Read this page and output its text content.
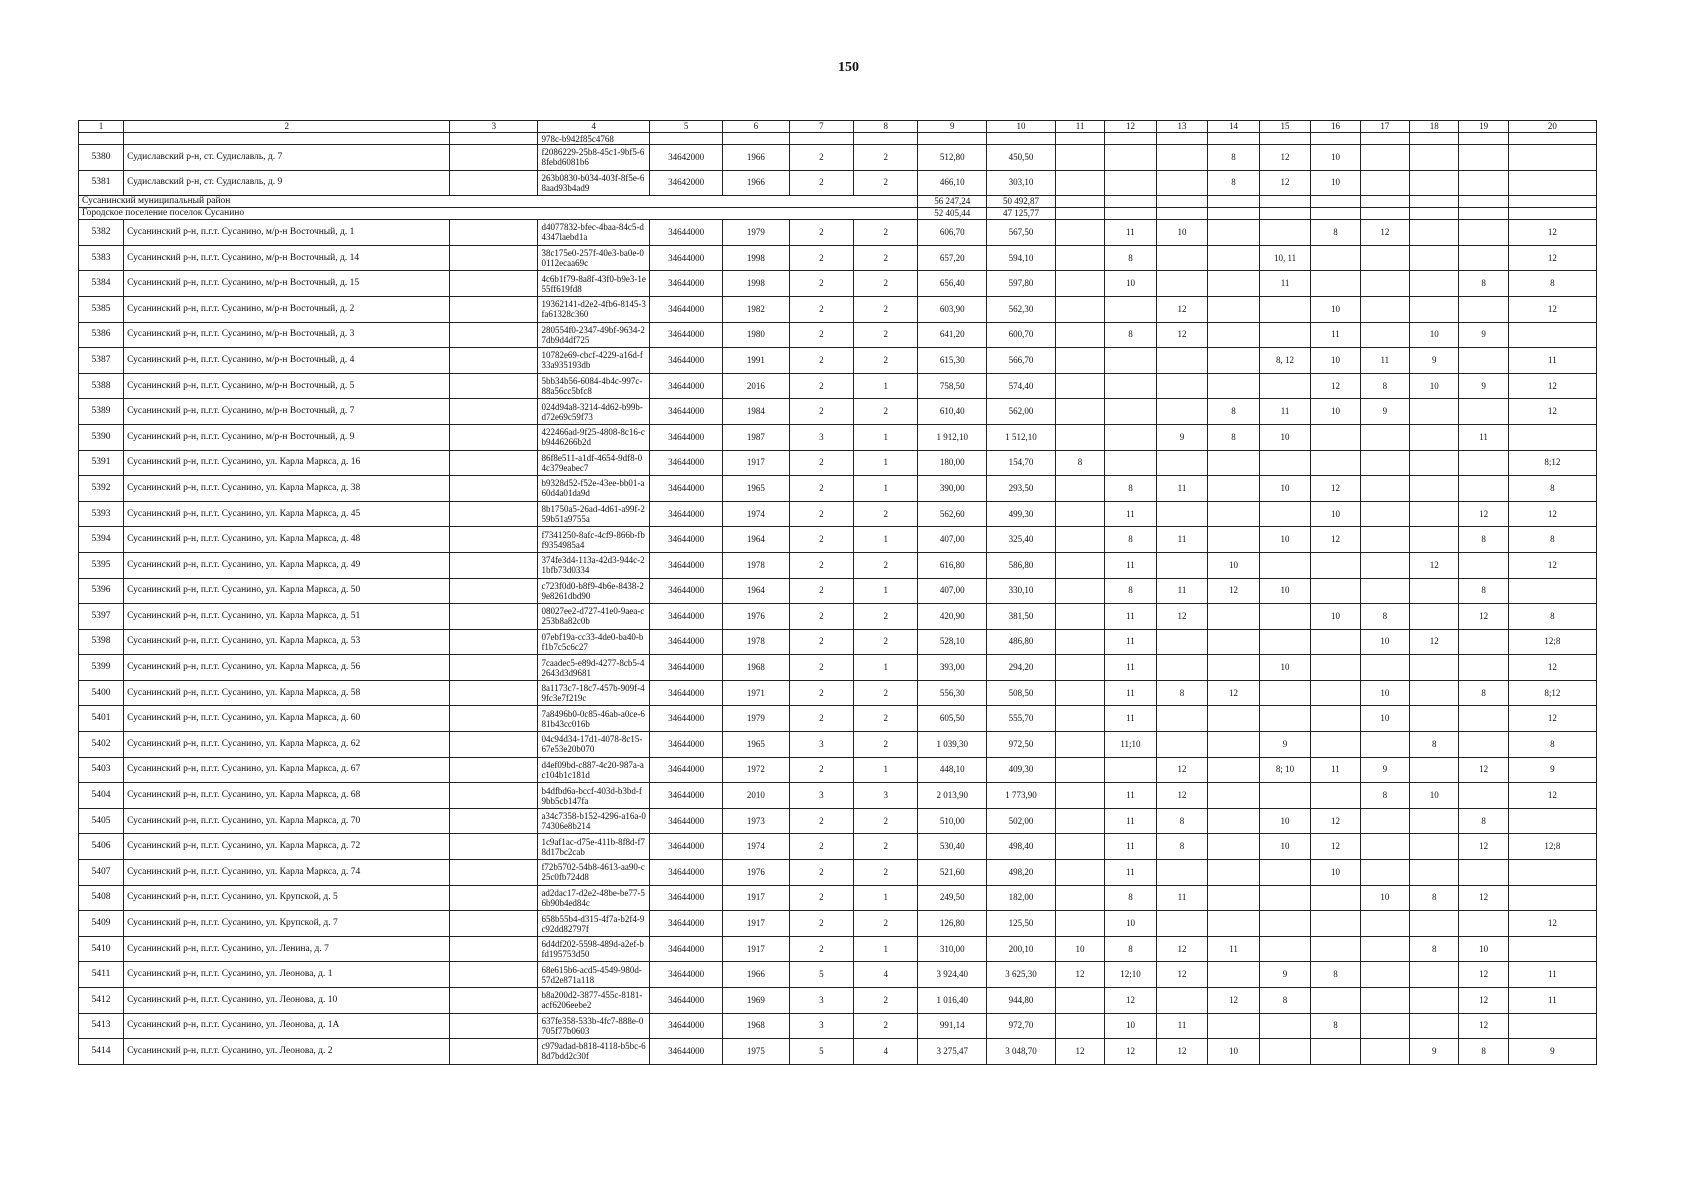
150
1	2	3	4	5	6	7	8	9	10	11	12	13	14	15	16	17	18	19	20
			978c-b942f85c4768																
5380	Судиславский р-н, ст. Судиславль, д. 7		f2086229-25b8-45c1-9bf5-68febd6081b6	34642000	1966	2	2	512,80	450,50				8	12	10				
5381	Судиславский р-н, ст. Судиславль, д. 9		263b0830-b034-403f-8f5e-68aad93b4ad9	34642000	1966	2	2	466,10	303,10				8	12	10				
Сусанинский муниципальный район								56 247,24	50 492,87										
Городское поселение поселок Сусанино								52 405,44	47 125,77										
5382	Сусанинский р-н, п.г.т. Сусанино, м/р-н Восточный, д. 1		d4077832-bfec-4baa-84c5-d4347laebd1a	34644000	1979	2	2	606,70	567,50		11	10			8	12			12
5383	Сусанинский р-н, п.г.т. Сусанино, м/р-н Восточный, д. 14		38c175e0-257f-40e3-ba0e-00112ecaa69c	34644000	1998	2	2	657,20	594,10		8			10, 11					12
5384	Сусанинский р-н, п.г.т. Сусанино, м/р-н Восточный, д. 15		4c6b1f79-8a8f-43f0-b9e3-1e55ff619fd8	34644000	1998	2	2	656,40	597,80		10			11				8	8
5385	Сусанинский р-н, п.г.т. Сусанино, м/р-н Восточный, д. 2		19362141-d2e2-4fb6-8145-3fa61328c360	34644000	1982	2	2	603,90	562,30			12			10				12
5386	Сусанинский р-н, п.г.т. Сусанино, м/р-н Восточный, д. 3		280554f0-2347-49bf-9634-27db9d4df725	34644000	1980	2	2	641,20	600,70		8	12			11		10	9	
5387	Сусанинский р-н, п.г.т. Сусанино, м/р-н Восточный, д. 4		10782e69-cbcf-4229-a16d-f33a935193db	34644000	1991	2	2	615,30	566,70					8, 12	10	11	9		11
5388	Сусанинский р-н, п.г.т. Сусанино, м/р-н Восточный, д. 5		5bb34b56-6084-4b4c-997c-88a56cc5bfc8	34644000	2016	2	1	758,50	574,40						12	8	10	9	12
5389	Сусанинский р-н, п.г.т. Сусанино, м/р-н Восточный, д. 7		024d94a8-3214-4d62-b99b-d72e69c59f73	34644000	1984	2	2	610,40	562,00				8	11	10	9			12
5390	Сусанинский р-н, п.г.т. Сусанино, м/р-н Восточный, д. 9		422466ad-9f25-4808-8c16-cb9446266b2d	34644000	1987	3	1	1 912,10	1 512,10			9	8	10				11	
5391	Сусанинский р-н, п.г.т. Сусанино, ул. Карла Маркса, д. 16		86f8e511-a1df-4654-9df8-04c379eabec7	34644000	1917	2	1	180,00	154,70	8									8;12
5392	Сусанинский р-н, п.г.т. Сусанино, ул. Карла Маркса, д. 38		b9328d52-f52e-43ee-bb01-a60d4a01da9d	34644000	1965	2	1	390,00	293,50		8	11		10	12				8
5393	Сусанинский р-н, п.г.т. Сусанино, ул. Карла Маркса, д. 45		8b1750a5-26ad-4d61-a99f-259b51a9755a	34644000	1974	2	2	562,60	499,30		11				10			12	12
5394	Сусанинский р-н, п.г.т. Сусанино, ул. Карла Маркса, д. 48		f7341250-8afc-4cf9-866b-fbf9354985a4	34644000	1964	2	1	407,00	325,40		8	11		10	12			8	8
5395	Сусанинский р-н, п.г.т. Сусанино, ул. Карла Маркса, д. 49		374fe3d4-113a-42d3-944c-21bfb73d0334	34644000	1978	2	2	616,80	586,80		11		10				12		12
5396	Сусанинский р-н, п.г.т. Сусанино, ул. Карла Маркса, д. 50		c723f0d0-b8f9-4b6e-8438-29e8261dbd90	34644000	1964	2	1	407,00	330,10		8	11	12	10				8	
5397	Сусанинский р-н, п.г.т. Сусанино, ул. Карла Маркса, д. 51		08027ee2-d727-41e0-9aea-c253b8a82c0b	34644000	1976	2	2	420,90	381,50		11	12			10	8		12	8
5398	Сусанинский р-н, п.г.т. Сусанино, ул. Карла Маркса, д. 53		07ebf19a-cc33-4de0-ba40-bf1b7c5c6c27	34644000	1978	2	2	528,10	486,80		11					10	12		12;8
5399	Сусанинский р-н, п.г.т. Сусанино, ул. Карла Маркса, д. 56		7caadec5-e89d-4277-8cb5-42643d3d9681	34644000	1968	2	1	393,00	294,20		11			10					12
5400	Сусанинский р-н, п.г.т. Сусанино, ул. Карла Маркса, д. 58		8a1173c7-18c7-457b-909f-49fc3e7f219c	34644000	1971	2	2	556,30	508,50		11	8	12			10		8	8;12
5401	Сусанинский р-н, п.г.т. Сусанино, ул. Карла Маркса, д. 60		7a8496b0-0c85-46ab-a0ce-681b43cc016b	34644000	1979	2	2	605,50	555,70		11					10			12
5402	Сусанинский р-н, п.г.т. Сусанино, ул. Карла Маркса, д. 62		04c94d34-17d1-4078-8c15-67e53e20b070	34644000	1965	3	2	1 039,30	972,50		11;10			9			8		8
5403	Сусанинский р-н, п.г.т. Сусанино, ул. Карла Маркса, д. 67		d4ef09bd-c887-4c20-987a-ac104b1c181d	34644000	1972	2	1	448,10	409,30			12		8; 10	11	9		12	9
5404	Сусанинский р-н, п.г.т. Сусанино, ул. Карла Маркса, д. 68		b4dfbd6a-bccf-403d-b3bd-f9bb5cb147fa	34644000	2010	3	3	2 013,90	1 773,90		11	12				8	10		12
5405	Сусанинский р-н, п.г.т. Сусанино, ул. Карла Маркса, д. 70		a34c7358-b152-4296-a16a-074306e8b214	34644000	1973	2	2	510,00	502,00		11	8		10	12			8	
5406	Сусанинский р-н, п.г.т. Сусанино, ул. Карла Маркса, д. 72		1c9af1ac-d75e-411b-8f8d-f78d17bc2cab	34644000	1974	2	2	530,40	498,40		11	8		10	12			12	12;8
5407	Сусанинский р-н, п.г.т. Сусанино, ул. Карла Маркса, д. 74		f72b5702-54b8-4613-aa90-c25c0fb724d8	34644000	1976	2	2	521,60	498,20		11				10				
5408	Сусанинский р-н, п.г.т. Сусанино, ул. Крупской, д. 5		ad2dac17-d2e2-48be-be77-56b90b4ed84c	34644000	1917	2	1	249,50	182,00		8	11				10	8	12	
5409	Сусанинский р-н, п.г.т. Сусанино, ул. Крупской, д. 7		658b55b4-d315-4f7a-b2f4-9c92dd82797f	34644000	1917	2	2	126,80	125,50		10								12
5410	Сусанинский р-н, п.г.т. Сусанино, ул. Ленина, д. 7		6d4df202-5598-489d-a2ef-bfd195753d50	34644000	1917	2	1	310,00	200,10	10	8	12	11				8	10	
5411	Сусанинский р-н, п.г.т. Сусанино, ул. Леонова, д. 1		68e615b6-acd5-4549-980d-57d2e871a118	34644000	1966	5	4	3 924,40	3 625,30	12	12;10	12		9	8			12	11
5412	Сусанинский р-н, п.г.т. Сусанино, ул. Леонова, д. 10		b8a200d2-3877-455c-8181-acf6206eebe2	34644000	1969	3	2	1 016,40	944,80		12		12	8				12	11
5413	Сусанинский р-н, п.г.т. Сусанино, ул. Леонова, д. 1А		637fe358-533b-4fc7-888e-0705f77b0603	34644000	1968	3	2	991,14	972,70		10	11			8			12	
5414	Сусанинский р-н, п.г.т. Сусанино, ул. Леонова, д. 2		c979adad-b818-4118-b5bc-68d7bdd2c30f	34644000	1975	5	4	3 275,47	3 048,70	12	12	12	10				9	8	9
